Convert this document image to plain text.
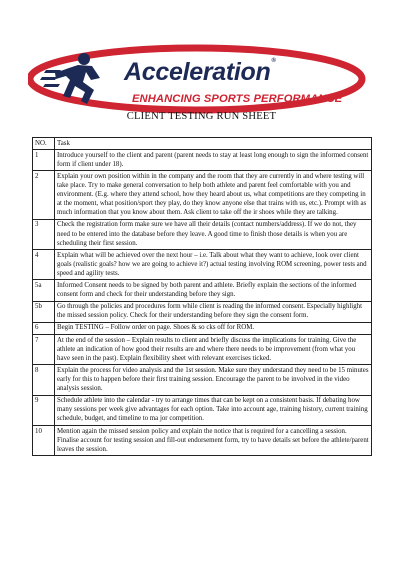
Acceleration®
ENHANCING SPORTS PERFORMANCE
CLIENT TESTING RUN SHEET
NO.	Task
1	Introduce yourself to the client and parent (parent needs to stay at least long enough to sign the informed consent form if client under 18).
2	Explain your own position within in the company and the room that they are currently in and where testing will take place. Try to make general conversation to help both athlete and parent feel comfortable with you and environment. (E.g. where they attend school, how they heard about us, what competitions are they competing in at the moment, what position/sport they play, do they know anyone else that trains with us, etc.). Prompt with as much information that you know about them. Ask client to take off the ir shoes while they are talking.
3	Check the registration form make sure we have all their details (contact numbers/address). If we do not, they need to be entered into the database before they leave. A good time to finish those details is when you are scheduling their first session.
4	Explain what will be achieved over the next hour – i.e. Talk about what they want to achieve, look over client goals (realistic goals? how we are going to achieve it?) actual testing involving ROM screening, power tests and speed and agility tests.
5a	Informed Consent needs to be signed by both parent and athlete. Briefly explain the sections of the informed consent form and check for their understanding before they sign.
5b	Go through the policies and procedures form while client is reading the informed consent. Especially highlight the missed session policy. Check for their understanding before they sign the consent form.
6	Begin TESTING – Follow order on page. Shoes & so cks off for ROM.
7	At the end of the session – Explain results to client and briefly discuss the implications for training. Give the athlete an indication of how good their results are and where there needs to be improvement (from what you have seen in the past). Explain flexibility sheet with relevant exercises ticked.
8	Explain the process for video analysis and the 1st session. Make sure they understand they need to be 15 minutes early for this to happen before their first training session. Encourage the parent to be involved in the video analysis session.
9	Schedule athlete into the calendar - try to arrange times that can be kept on a consistent basis. If debating how many sessions per week give advantages for each option. Take into account age, training history, current training schedule, budget, and timeline to ma jor competition.
10	Mention again the missed session policy and explain the notice that is required for a cancelling a session. Finalise account for testing session and fill-out endorsement form, try to have details set before the athlete/parent leaves the session.
